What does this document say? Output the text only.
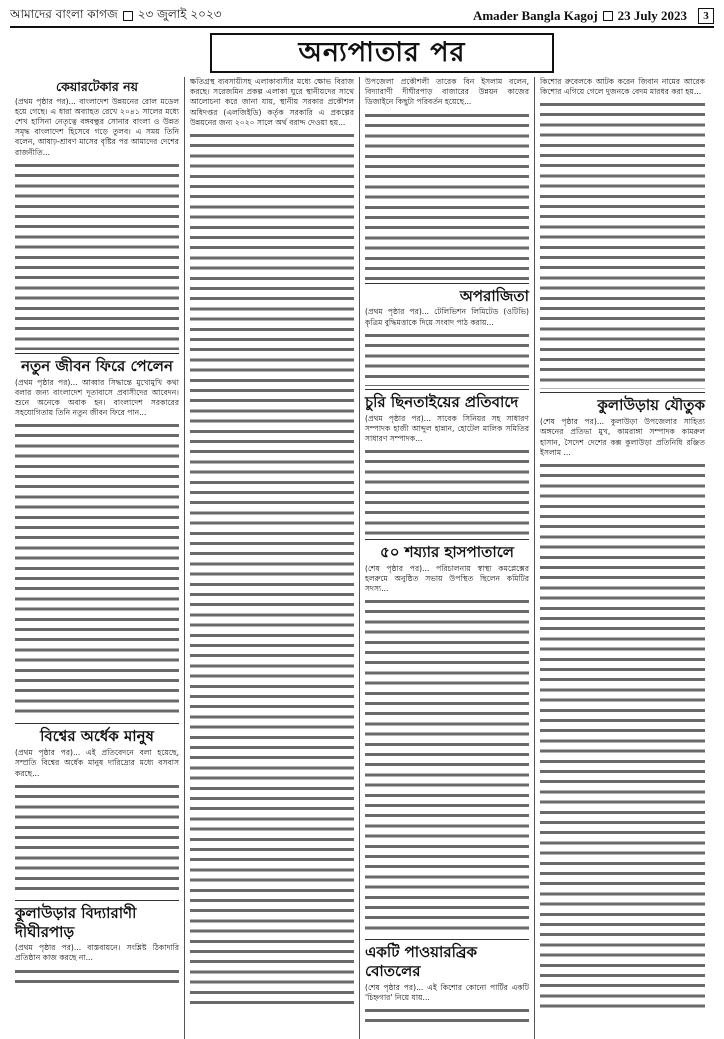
আমাদের বাংলা কাগজ ২৩ জুলাই ২০২৩	Amader Bangla Kagoj 23 July 2023	3
অন্যপাতার পর
কেয়ারটেকার নয়

(প্রথম পৃষ্ঠার পর)... বাংলাদেশ উন্নয়নের রোল মডেল হয়ে গেছে। এ ধারা অব্যাহত রেখে ২০৪১ সালের মধ্যে শেখ হাসিনা নেতৃত্বে বঙ্গবন্ধুর সোনার বাংলা ও উন্নত সমৃদ্ধ বাংলাদেশ হিসেবে গড়ে তুলব। এ সময় তিনি বলেন, আষাঢ়-শ্রাবণ মাসের বৃষ্টির পর আমাদের দেশের রাজনীতি...

নতুন জীবন ফিরে পেলেন

(প্রথম পৃষ্ঠার পর)... আব্বার সিদ্ধান্তে মুখোমুখি কথা বলার জন্য বাংলাদেশ দূতাবাসে প্রবাসীদের আবেদন। শুনে অনেকে অবাক হন। বাংলাদেশ সরকারের সহযোগিতায় তিনি নতুন জীবন ফিরে পান...

বিশ্বের অর্ধেক মানুষ

(প্রথম পৃষ্ঠার পর)... এই প্রতিবেদনে বলা হয়েছে, সম্প্রতি বিশ্বের অর্ধেক মানুষ দারিদ্র্যের মধ্যে বসবাস করছে...

কুলাউড়ার বিদ্যারাণী দীঘীরপাড়

(প্রথম পৃষ্ঠার পর)... বাস্তবায়নে। সংশ্লিষ্ট ঠিকাদারি প্রতিষ্ঠান কাজ করছে না...

ক্ষতিগ্রস্থ ব্যবসায়ীসহ এলাকাবাসীর মধ্যে ক্ষোভ বিরাজ করছে। সরেজমিন প্রকল্প এলাকা ঘুরে স্থানীয়দের সাথে আলোচনা করে জানা যায়, স্থানীয় সরকার প্রকৌশল অধিদপ্তর (এলজিইডি) কর্তৃক সরকারি এ প্রকল্পের উন্নয়নের জন্য ২০২০ সালে অর্থ বরাদ্দ দেওয়া হয়...

উপজেলা প্রকৌশলী তারেক বিন ইসলাম বলেন, বিদ্যারাণী দীঘীরপাড় বাজারের উন্নয়ন কাজের ডিজাইনে কিছুটা পরিবর্তন হয়েছে...

অপরাজিতা

(প্রথম পৃষ্ঠার পর)... টেলিভিশন লিমিটেড (ওটিভি) কৃত্রিম বুদ্ধিমত্তাকে দিয়ে সংবাদ পাঠ করায়...

চুরি ছিনতাইয়ের প্রতিবাদে

(প্রথম পৃষ্ঠার পর)... সাবেক সিনিয়র সহ সাধারণ সম্পাদক হাজী আব্দুল হান্নান, হোটেল মালিক সমিতির সাধারণ সম্পাদক...

৫০ শয্যার হাসপাতালে

(শেষ পৃষ্ঠার পর)... পরিচালনায় স্বাস্থ্য কমপ্লেক্সের হলরুমে অনুষ্ঠিত সভায় উপস্থিত ছিলেন কমিটির সদস্য...

একটি পাওয়ারব্রিক বোতলের

(শেষ পৃষ্ঠার পর)... এই কিশোর কোনো পার্টির একটি 'চিহ্নগার' নিয়ে যায়...

কিশোর রুবেলকে আটক করেন জিবান নামের আরেক কিশোর এগিয়ে গেলে দুজনকে বেদম মারধর করা হয়...

কুলাউড়ায় যৌতুক

(শেষ পৃষ্ঠার পর)... কুলাউড়া উপজেলার সাহিত্য অঙ্গনের প্রতিভা মুখ, কামরাঙ্গা সম্পাদক কামরুল হাসান, সৈদেশ দেশের কক্স কুলাউড়া প্রতিনিধি রঞ্জিত ইসলাম ...
